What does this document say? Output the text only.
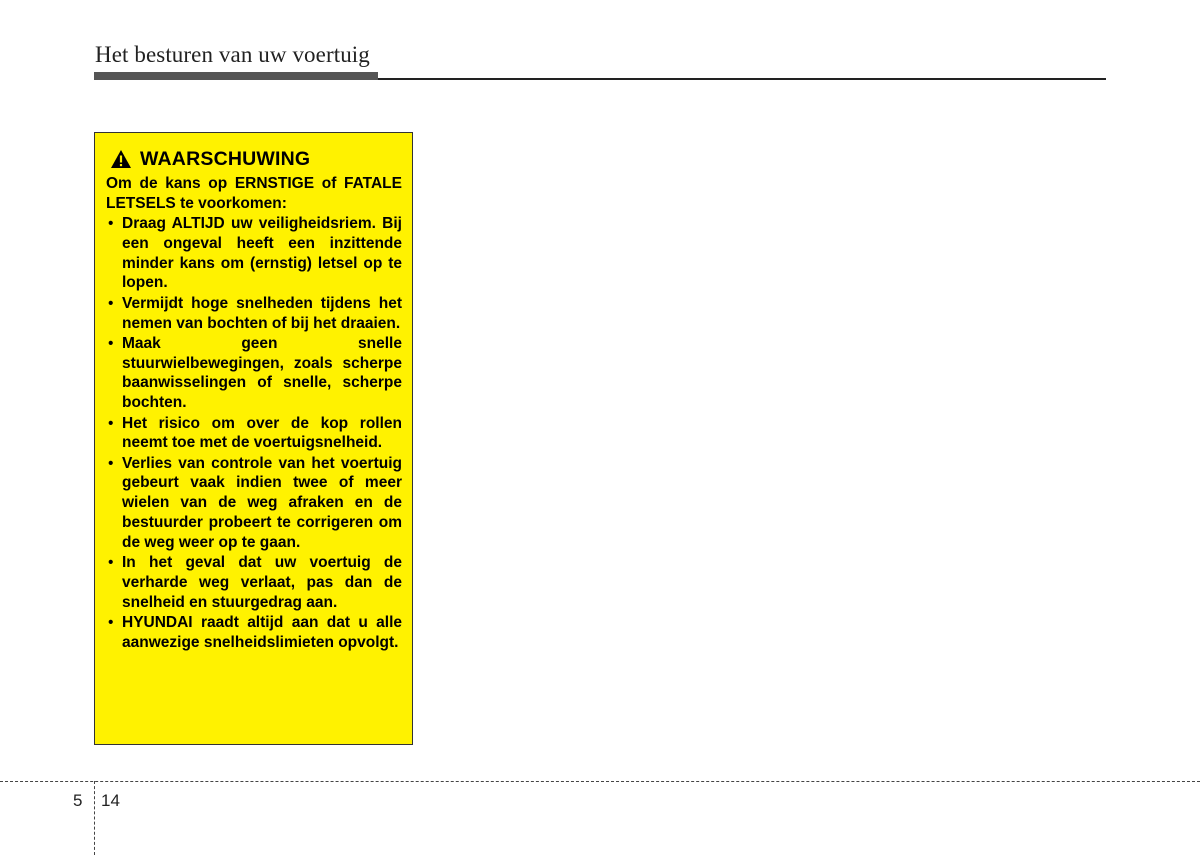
Het besturen van uw voertuig
WAARSCHUWING
Om de kans op ERNSTIGE of FATALE LETSELS te voorkomen:
• Draag ALTIJD uw veiligheidsriem. Bij een ongeval heeft een inzittende minder kans om (ernstig) letsel op te lopen.
• Vermijdt hoge snelheden tijdens het nemen van bochten of bij het draaien.
• Maak geen snelle stuurwielbewegingen, zoals scherpe baanwisselingen of snelle, scherpe bochten.
• Het risico om over de kop rollen neemt toe met de voertuigsnelheid.
• Verlies van controle van het voertuig gebeurt vaak indien twee of meer wielen van de weg afraken en de bestuurder probeert te corrigeren om de weg weer op te gaan.
• In het geval dat uw voertuig de verharde weg verlaat, pas dan de snelheid en stuurgedrag aan.
• HYUNDAI raadt altijd aan dat u alle aanwezige snelheidslimieten opvolgt.
5 14
